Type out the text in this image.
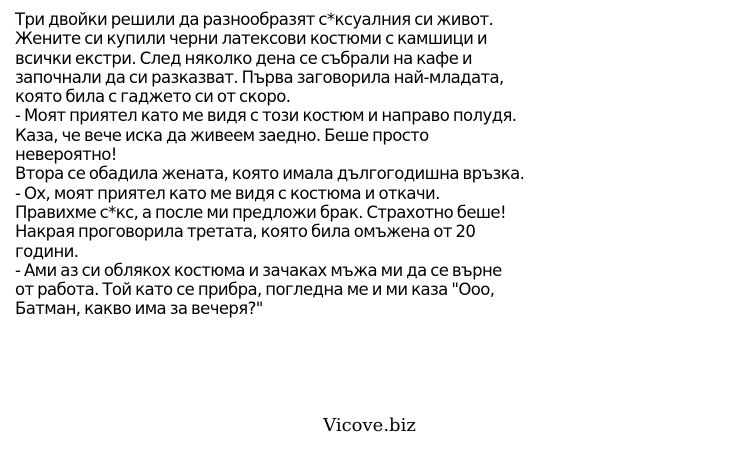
Три двойки решили да разнообразят с*ксуалния си живот.
Жените си купили черни латексови костюми с камшици и
всички екстри. След няколко дена се събрали на кафе и
започнали да си разказват. Първа заговорила най-младата,
която била с гаджето си от скоро.
- Моят приятел като ме видя с този костюм и направо полудя.
Каза, че вече иска да живеем заедно. Беше просто
невероятно!
Втора се обадила жената, която имала дългогодишна връзка.
- Ох, моят приятел като ме видя с костюма и откачи.
Правихме с*кс, а после ми предложи брак. Страхотно беше!
Накрая проговорила третата, която била омъжена от 20
години.
- Ами аз си облякох костюма и зачаках мъжа ми да се върне
от работа. Той като се прибра, погледна ме и ми каза "Ооо,
Батман, какво има за вечеря?"
Vicove.biz
